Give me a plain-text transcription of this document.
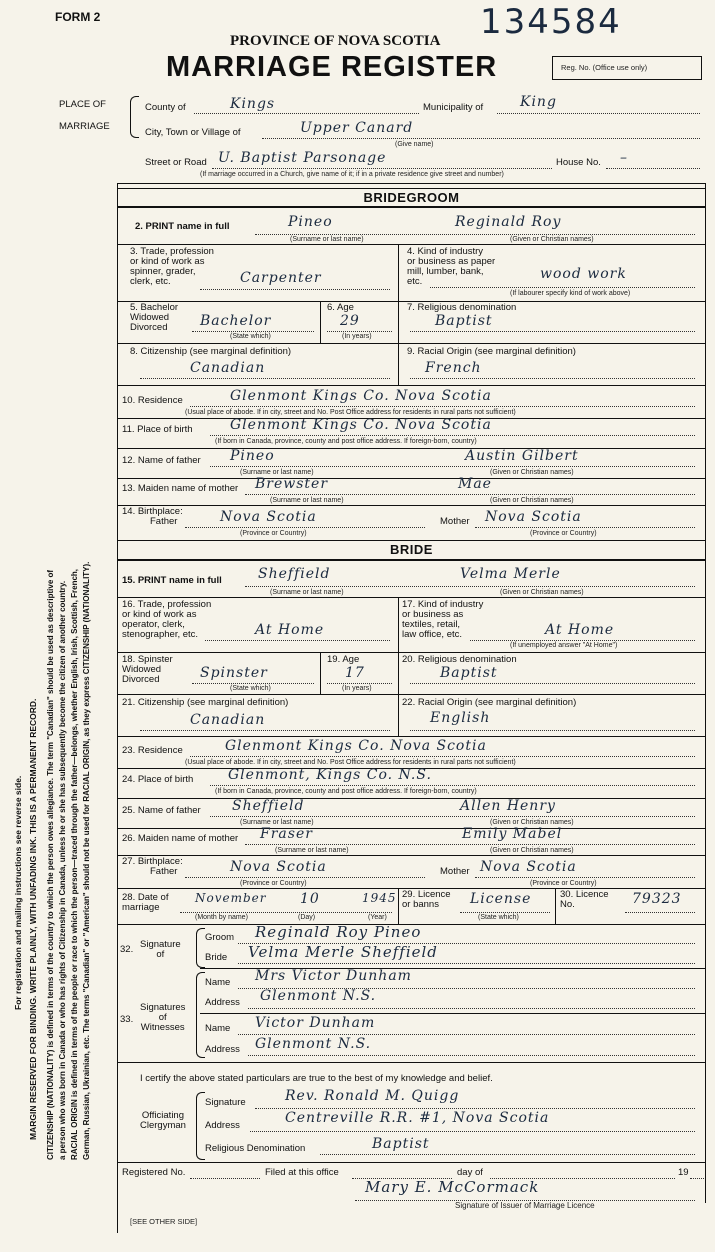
FORM 2	134584
PROVINCE OF NOVA SCOTIA
MARRIAGE REGISTER	Reg. No. (Office use only)
PLACE OF
MARRIAGE
County of	Kings	Municipality of	King
City, Town or Village of	Upper Canard
(Give name)
Street or Road U. Baptist Parsonage	House No. –
(If marriage occurred in a Church, give name of it; if in a private residence give street and number)
For registration and mailing instructions see reverse side. MARGIN RESERVED FOR BINDING. WRITE PLAINLY, WITH UNFADING INK. THIS IS A PERMANENT RECORD. CITIZENSHIP (NATIONALITY) is defined in terms of the country to which the person owes allegiance. The term "Canadian" should be used as descriptive of a person who was born in Canada or who has rights of Citizenship in Canada, unless he or she has subsequently become the citizen of another country. RACIAL ORIGIN is defined in terms of the people or race to which the person—traced through the father—belongs, whether English, Irish, Scottish, French, German, Russian, Ukrainian, etc. The terms "Canadian" or "American" should not be used for RACIAL ORIGIN, as they express CITIZENSHIP (NATIONALITY).
BRIDEGROOM
2. PRINT name in full	Pineo	Reginald Roy
(Surname or last name)	(Given or Christian names)
3. Trade, profession
or kind of work as
spinner, grader,
clerk, etc.	Carpenter
4. Kind of industry
or business as paper
mill, lumber, bank,
etc.	wood work
(If labourer specify kind of work above)
5. Bachelor
Widowed
Divorced	Bachelor
(State which)
6. Age
29
(In years)
7. Religious denomination
Baptist
8. Citizenship (see marginal definition)
Canadian
9. Racial Origin (see marginal definition)
French
10. Residence	Glenmont Kings Co. Nova Scotia
(Usual place of abode. If in city, street and No. Post Office address for residents in rural parts not sufficient)
11. Place of birth	Glenmont Kings Co. Nova Scotia
(If born in Canada, province, county and post office address. If foreign-born, country)
12. Name of father Pineo	Austin Gilbert
(Surname or last name)	(Given or Christian names)
13. Maiden name of mother Brewster	Mae
(Surname or last name)	(Given or Christian names)
14. Birthplace:
Father	Nova Scotia	Mother Nova Scotia
(Province or Country)	(Province or Country)
BRIDE
15. PRINT name in full	Sheffield	Velma Merle
(Surname or last name)	(Given or Christian names)
16. Trade, profession
or kind of work as
operator, clerk,
stenographer, etc.	At Home
17. Kind of industry
or business as
textiles, retail,
law office, etc.	At Home
(If unemployed answer "At Home")
18. Spinster
Widowed
Divorced	Spinster
(State which)
19. Age
17
(In years)
20. Religious denomination
Baptist
21. Citizenship (see marginal definition)
Canadian
22. Racial Origin (see marginal definition)
English
23. Residence	Glenmont Kings Co. Nova Scotia
(Usual place of abode. If in city, street and No. Post Office address for residents in rural parts not sufficient)
24. Place of birth Glenmont, Kings Co. N.S.
(If born in Canada, province, county and post office address. If foreign-born, country)
25. Name of father Sheffield	Allen Henry
(Surname or last name)	(Given or Christian names)
26. Maiden name of mother Fraser	Emily Mabel
(Surname or last name)	(Given or Christian names)
27. Birthplace:
Father	Nova Scotia	Mother Nova Scotia
(Province or Country)	(Province or Country)
28. Date of
marriage
November 10	1945
(Month by name)	(Day)	(Year)
29. Licence
or banns	License
(State which)
30. Licence
No.	79323
32. Signature
of
Groom Reginald Roy Pineo
Bride Velma Merle Sheffield
33.
Signatures
of
Witnesses
Name Mrs Victor Dunham
Address Glenmont N.S.
Name Victor Dunham
Address Glenmont N.S.
I certify the above stated particulars are true to the best of my knowledge and belief.
Officiating
Clergyman
Signature	Rev. Ronald M. Quigg
Address	Centreville R.R. #1, Nova Scotia
Religious Denomination	Baptist
Registered No.	Filed at this office	day of	19
Mary E. McCormack
Signature of Issuer of Marriage Licence
[SEE OTHER SIDE]
